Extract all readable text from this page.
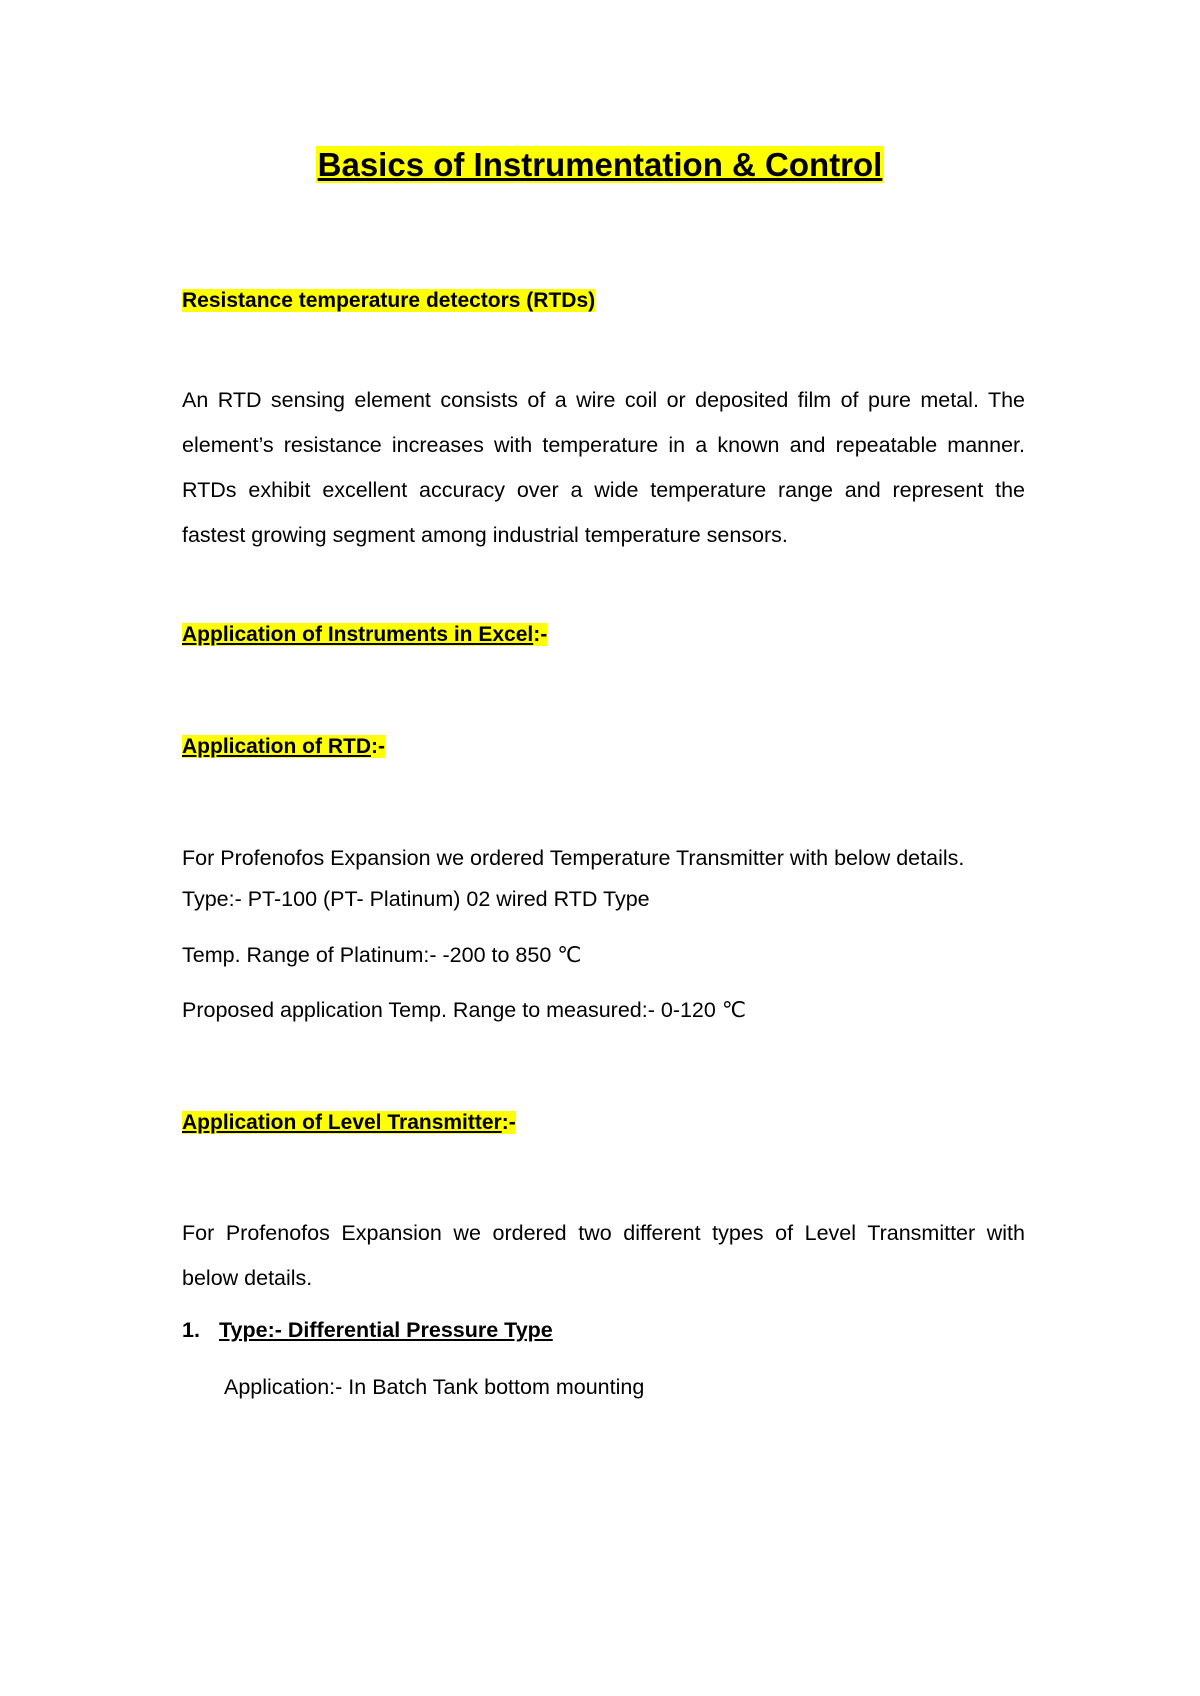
Basics of Instrumentation & Control
Resistance temperature detectors (RTDs)

An RTD sensing element consists of a wire coil or deposited film of pure metal. The element’s resistance increases with temperature in a known and repeatable manner. RTDs exhibit excellent accuracy over a wide temperature range and represent the fastest growing segment among industrial temperature sensors.

Application of Instruments in Excel:-
Application of RTD:-
For Profenofos Expansion we ordered Temperature Transmitter with below details.
Type:- PT-100 (PT- Platinum) 02 wired RTD Type
Temp. Range of Platinum:- -200 to 850 ℃
Proposed application Temp. Range to measured:- 0-120 ℃
Application of Level Transmitter:-

For Profenofos Expansion we ordered two different types of Level Transmitter with below details.

1. Type:- Differential Pressure Type
Application:- In Batch Tank bottom mounting
